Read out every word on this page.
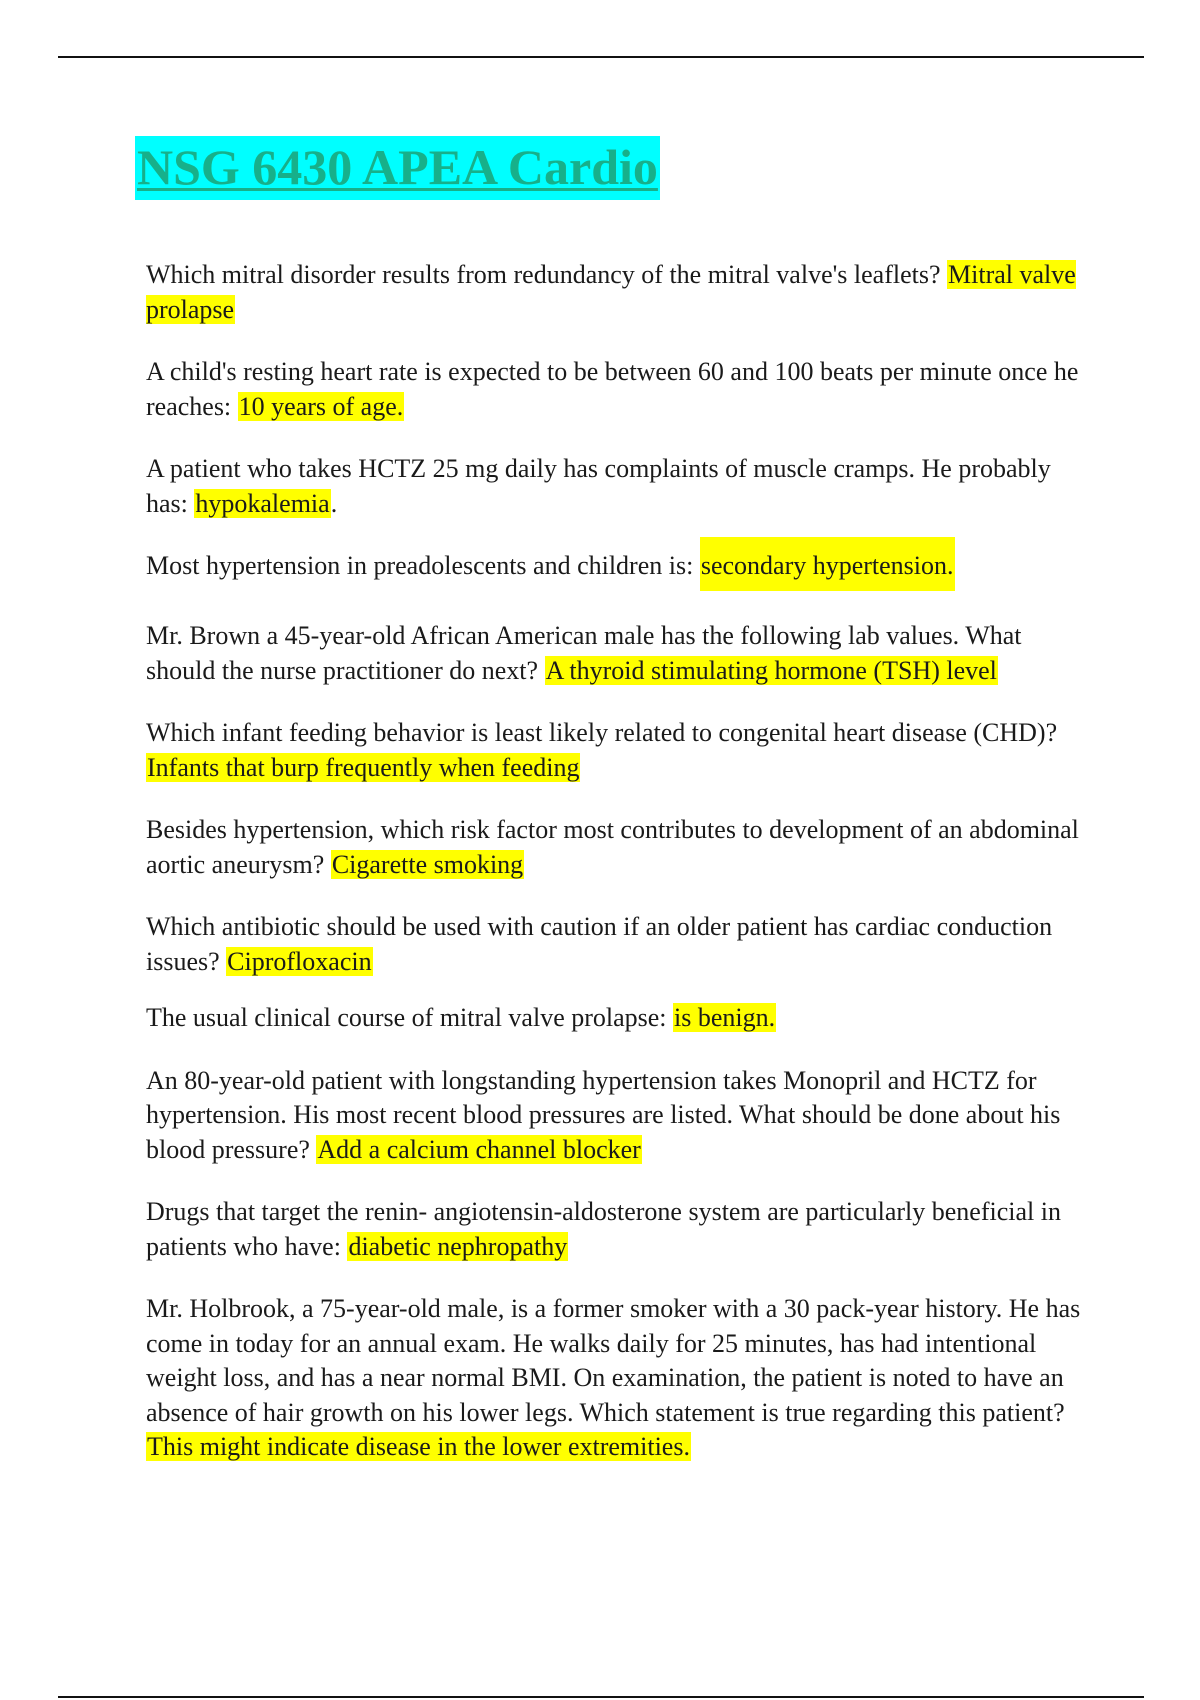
NSG 6430 APEA Cardio

Which mitral disorder results from redundancy of the mitral valve's leaflets? Mitral valve prolapse

A child's resting heart rate is expected to be between 60 and 100 beats per minute once he reaches: 10 years of age.

A patient who takes HCTZ 25 mg daily has complaints of muscle cramps. He probably has: hypokalemia.

Most hypertension in preadolescents and children is: secondary hypertension.

Mr. Brown a 45-year-old African American male has the following lab values. What should the nurse practitioner do next? A thyroid stimulating hormone (TSH) level

Which infant feeding behavior is least likely related to congenital heart disease (CHD)? Infants that burp frequently when feeding

Besides hypertension, which risk factor most contributes to development of an abdominal aortic aneurysm? Cigarette smoking

Which antibiotic should be used with caution if an older patient has cardiac conduction issues? Ciprofloxacin

The usual clinical course of mitral valve prolapse: is benign.

An 80-year-old patient with longstanding hypertension takes Monopril and HCTZ for hypertension. His most recent blood pressures are listed. What should be done about his blood pressure? Add a calcium channel blocker

Drugs that target the renin- angiotensin-aldosterone system are particularly beneficial in patients who have: diabetic nephropathy

Mr. Holbrook, a 75-year-old male, is a former smoker with a 30 pack-year history. He has come in today for an annual exam. He walks daily for 25 minutes, has had intentional weight loss, and has a near normal BMI. On examination, the patient is noted to have an absence of hair growth on his lower legs. Which statement is true regarding this patient? This might indicate disease in the lower extremities.
